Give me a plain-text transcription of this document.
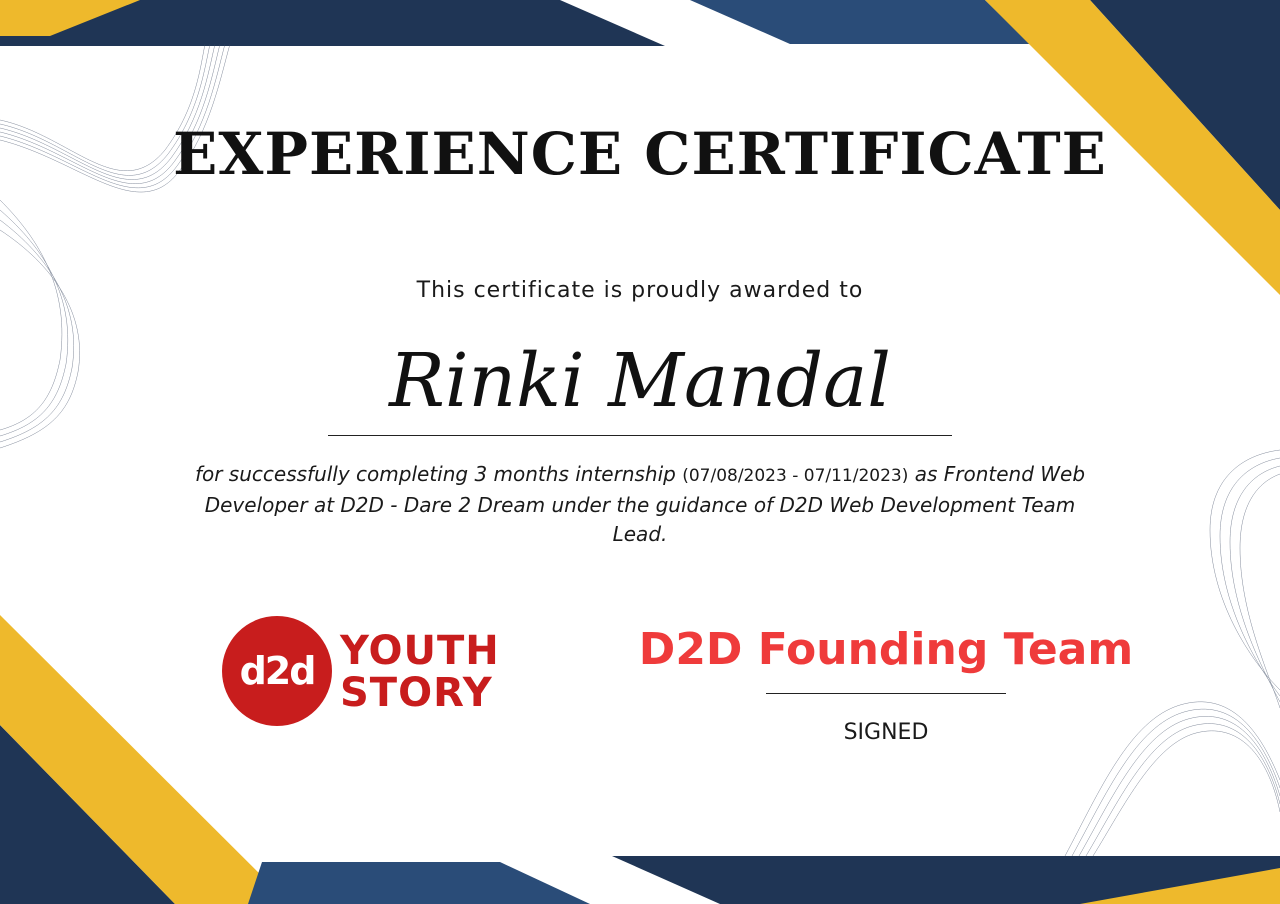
EXPERIENCE CERTIFICATE
This certificate is proudly awarded to
Rinki Mandal
for successfully completing 3 months internship (07/08/2023 - 07/11/2023) as Frontend Web Developer at D2D - Dare 2 Dream under the guidance of D2D Web Development Team Lead.
d2d YOUTH
STORY
D2D Founding Team
SIGNED
